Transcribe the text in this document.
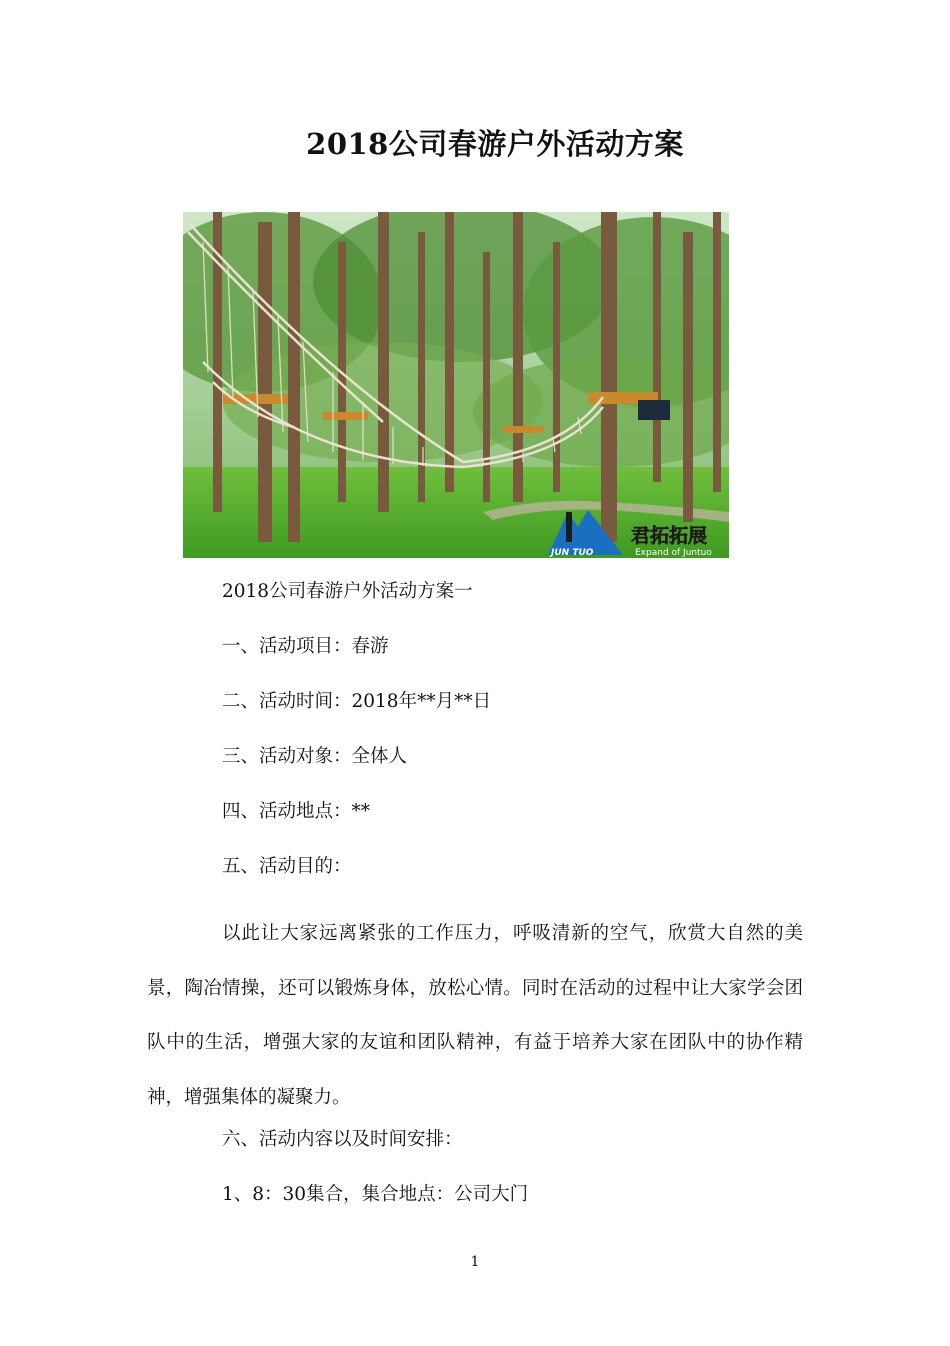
2018公司春游户外活动方案
JUN TUO
君拓拓展
Expand of Juntuo
2018公司春游户外活动方案一
一、活动项目：春游
二、活动时间：2018年**月**日
三、活动对象：全体人
四、活动地点：**
五、活动目的：
以此让大家远离紧张的工作压力，呼吸清新的空气，欣赏大自然的美景，陶冶情操，还可以锻炼身体，放松心情。同时在活动的过程中让大家学会团队中的生活，增强大家的友谊和团队精神，有益于培养大家在团队中的协作精神，增强集体的凝聚力。
六、活动内容以及时间安排：
1、8：30集合，集合地点：公司大门
1
